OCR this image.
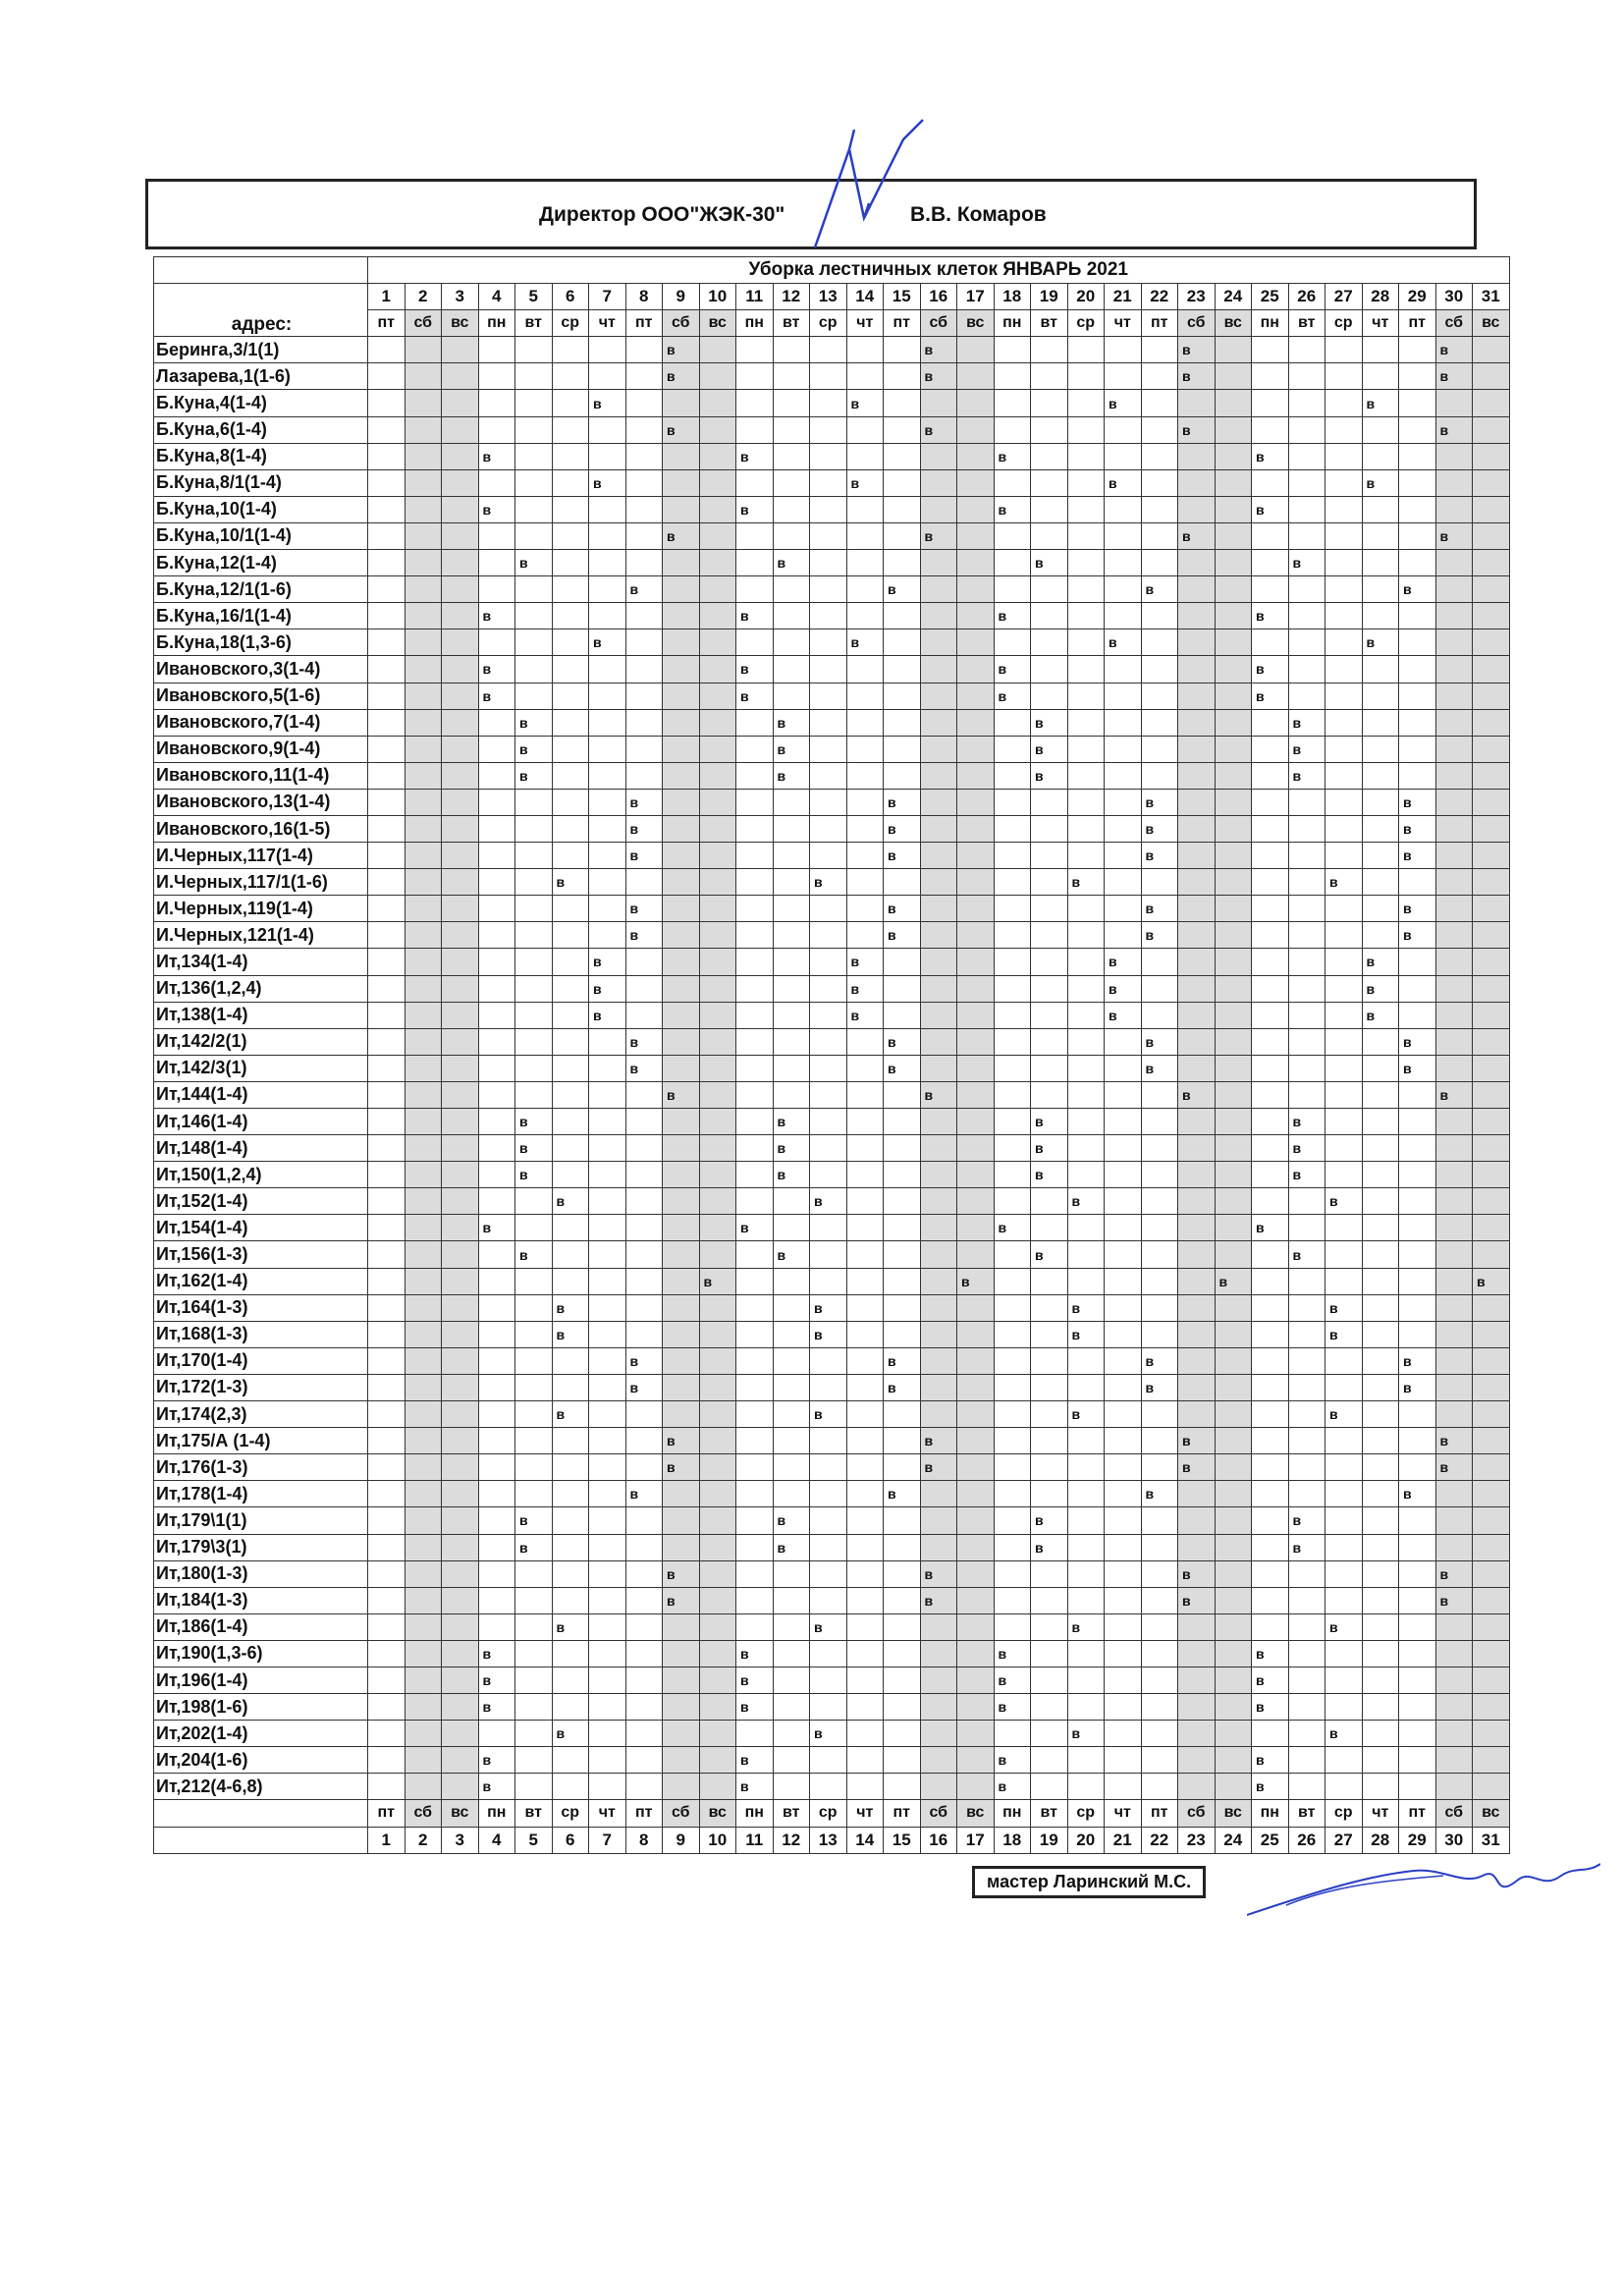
Директор ООО"ЖЭК-30"	В.В. Комаров
	Уборка лестничных клеток ЯНВАРЬ 2021																														
адрес:	1	2	3	4	5	6	7	8	9	10	11	12	13	14	15	16	17	18	19	20	21	22	23	24	25	26	27	28	29	30	31
	пт	сб	вс	пн	вт	ср	чт	пт	сб	вс	пн	вт	ср	чт	пт	сб	вс	пн	вт	ср	чт	пт	сб	вс	пн	вт	ср	чт	пт	сб	вс
Беринга,3/1(1)									в							в							в							в	
Лазарева,1(1-6)									в							в							в							в	
Б.Куна,4(1-4)							в							в							в							в			
Б.Куна,6(1-4)									в							в							в							в	
Б.Куна,8(1-4)				в							в							в							в						
Б.Куна,8/1(1-4)							в							в							в							в			
Б.Куна,10(1-4)				в							в							в							в						
Б.Куна,10/1(1-4)									в							в							в							в	
Б.Куна,12(1-4)					в							в							в							в					
Б.Куна,12/1(1-6)								в							в							в							в		
Б.Куна,16/1(1-4)				в							в							в							в						
Б.Куна,18(1,3-6)							в							в							в							в			
Ивановского,3(1-4)				в							в							в							в						
Ивановского,5(1-6)				в							в							в							в						
Ивановского,7(1-4)					в							в							в							в					
Ивановского,9(1-4)					в							в							в							в					
Ивановского,11(1-4)					в							в							в							в					
Ивановского,13(1-4)								в							в							в							в		
Ивановского,16(1-5)								в							в							в							в		
И.Черных,117(1-4)								в							в							в							в		
И.Черных,117/1(1-6)						в							в							в							в				
И.Черных,119(1-4)								в							в							в							в		
И.Черных,121(1-4)								в							в							в							в		
Ит,134(1-4)							в							в							в							в			
Ит,136(1,2,4)							в							в							в							в			
Ит,138(1-4)							в							в							в							в			
Ит,142/2(1)								в							в							в							в		
Ит,142/3(1)								в							в							в							в		
Ит,144(1-4)									в							в							в							в	
Ит,146(1-4)					в							в							в							в					
Ит,148(1-4)					в							в							в							в					
Ит,150(1,2,4)					в							в							в							в					
Ит,152(1-4)						в							в							в							в				
Ит,154(1-4)				в							в							в							в						
Ит,156(1-3)					в							в							в							в					
Ит,162(1-4)										в							в							в							в
Ит,164(1-3)						в							в							в							в				
Ит,168(1-3)						в							в							в							в				
Ит,170(1-4)								в							в							в							в		
Ит,172(1-3)								в							в							в							в		
Ит,174(2,3)						в							в							в							в				
Ит,175/А (1-4)									в							в							в							в	
Ит,176(1-3)									в							в							в							в	
Ит,178(1-4)								в							в							в							в		
Ит,179\1(1)					в							в							в							в					
Ит,179\3(1)					в							в							в							в					
Ит,180(1-3)									в							в							в							в	
Ит,184(1-3)									в							в							в							в	
Ит,186(1-4)						в							в							в							в				
Ит,190(1,3-6)				в							в							в							в						
Ит,196(1-4)				в							в							в							в						
Ит,198(1-6)				в							в							в							в						
Ит,202(1-4)						в							в							в							в				
Ит,204(1-6)				в							в							в							в						
Ит,212(4-6,8)				в							в							в							в						
	пт	сб	вс	пн	вт	ср	чт	пт	сб	вс	пн	вт	ср	чт	пт	сб	вс	пн	вт	ср	чт	пт	сб	вс	пн	вт	ср	чт	пт	сб	вс
	1	2	3	4	5	6	7	8	9	10	11	12	13	14	15	16	17	18	19	20	21	22	23	24	25	26	27	28	29	30	31
мастер Ларинский М.С.
